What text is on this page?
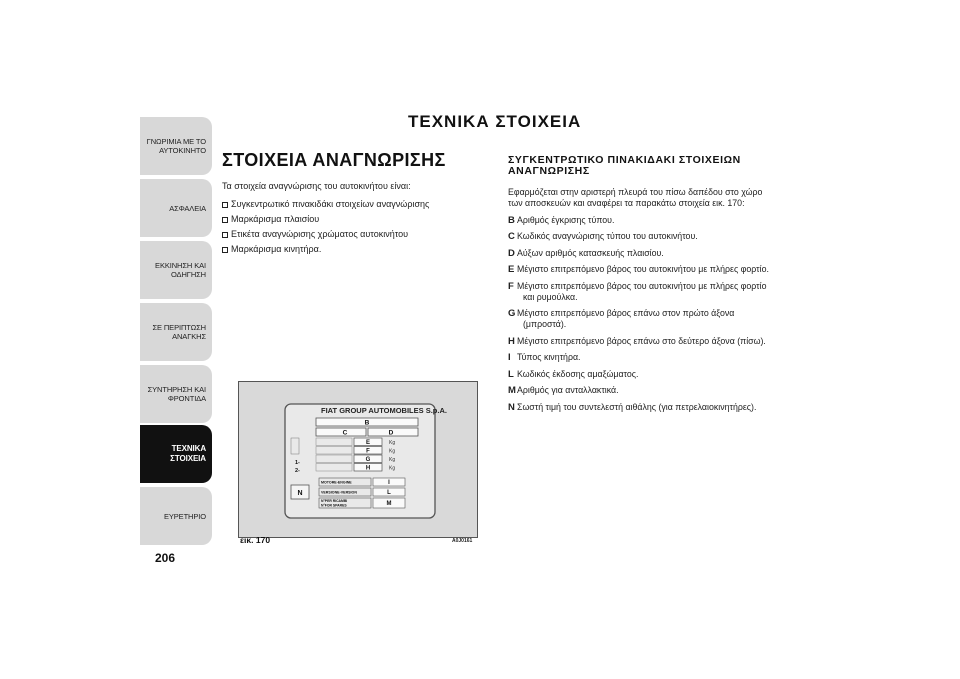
ΓΝΩΡΙΜΙΑ ΜΕ ΤΟ
ΑΥΤΟΚΙΝΗΤΟ
ΑΣΦΑΛΕΙΑ
ΕΚΚΙΝΗΣΗ ΚΑΙ
ΟΔΗΓΗΣΗ
ΣΕ ΠΕΡΙΠΤΩΣΗ
ΑΝΑΓΚΗΣ
ΣΥΝΤΗΡΗΣΗ ΚΑΙ
ΦΡΟΝΤΙΔΑ
ΤΕΧΝΙΚΑ
ΣΤΟΙΧΕΙΑ
ΕΥΡΕΤΗΡΙΟ
206
ΤΕΧΝΙΚΑ ΣΤΟΙΧΕΙΑ
ΣΤΟΙΧΕΙΑ ΑΝΑΓΝΩΡΙΣΗΣ
Τα στοιχεία αναγνώρισης του αυτοκινήτου είναι:
Συγκεντρωτικό πινακιδάκι στοιχείων αναγνώρισης
Μαρκάρισμα πλαισίου
Ετικέτα αναγνώρισης χρώματος αυτοκινήτου
Μαρκάρισμα κινητήρα.
ΣΥΓΚΕΝΤΡΩΤΙΚΟ ΠΙΝΑΚΙΔΑΚΙ ΣΤΟΙΧΕΙΩΝ
ΑΝΑΓΝΩΡΙΣΗΣ
Εφαρμόζεται στην αριστερή πλευρά του πίσω δαπέδου στο χώρο
των αποσκευών και αναφέρει τα παρακάτω στοιχεία εικ. 170:
B Αριθμός έγκρισης τύπου.
C Κωδικός αναγνώρισης τύπου του αυτοκινήτου.
D Αύξων αριθμός κατασκευής πλαισίου.
E Μέγιστο επιτρεπόμενο βάρος του αυτοκινήτου με πλήρες φορτίο.
F Μέγιστο επιτρεπόμενο βάρος του αυτοκινήτου με πλήρες φορτίο
και ρυμούλκα.
G Μέγιστο επιτρεπόμενο βάρος επάνω στον πρώτο άξονα
(μπροστά).
H Μέγιστο επιτρεπόμενο βάρος επάνω στο δεύτερο άξονα (πίσω).
I Τύπος κινητήρα.
L Κωδικός έκδοσης αμαξώματος.
M Αριθμός για ανταλλακτικά.
N Σωστή τιμή του συντελεστή αιθάλης (για πετρελαιοκινητήρες).
N
FIAT GROUP AUTOMOBILES S.p.A.
B
C	D
E	Kg
F	Kg
G	Kg
H	Kg
1-
2-
MOTORE-ENGINE	I
VERSIONE-VERSION	L
N°PER RICAMBI
N°FOR SPARES	M
εικ. 170	A0J0161
